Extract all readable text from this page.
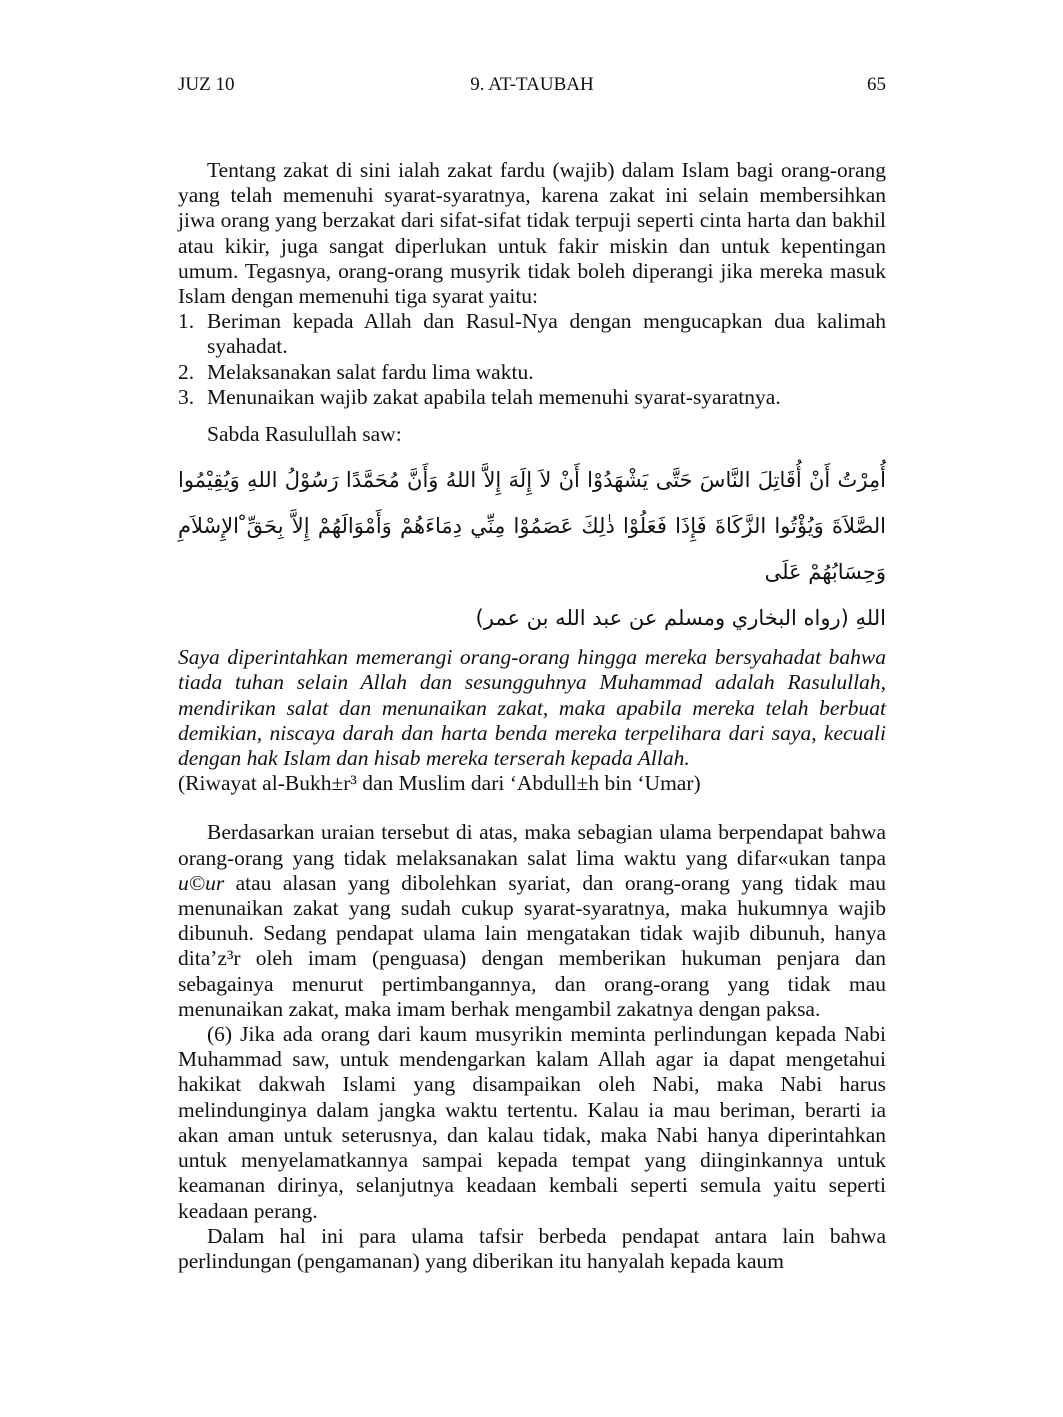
JUZ 10	9. AT-TAUBAH	65

Tentang zakat di sini ialah zakat fardu (wajib) dalam Islam bagi orang-orang yang telah memenuhi syarat-syaratnya, karena zakat ini selain membersihkan jiwa orang yang berzakat dari sifat-sifat tidak terpuji seperti cinta harta dan bakhil atau kikir, juga sangat diperlukan untuk fakir miskin dan untuk kepentingan umum. Tegasnya, orang-orang musyrik tidak boleh diperangi jika mereka masuk Islam dengan memenuhi tiga syarat yaitu:

1. Beriman kepada Allah dan Rasul-Nya dengan mengucapkan dua kalimah syahadat.
2. Melaksanakan salat fardu lima waktu.
3. Menunaikan wajib zakat apabila telah memenuhi syarat-syaratnya.

Sabda Rasulullah saw:

أُمِرْتُ أَنْ أُقَاتِلَ النَّاسَ حَتَّى يَشْهَدُوْا أَنْ لاَ إِلَهَ إِلاَّ اللهُ وَأَنَّ مُحَمَّدًا رَسُوْلُ اللهِ وَيُقِيْمُوا الصَّلاَةَ وَيُؤْتُوا الزَّكَاةَ فَإِذَا فَعَلُوْا ذٰلِكَ عَصَمُوْا مِنِّي دِمَاءَهُمْ وَأَمْوَالَهُمْ إِلاَّ بِحَقِّ ْالإِسْلاَمِ وَحِسَابُهُمْ عَلَى
اللهِ (رواه البخاري ومسلم عن عبد الله بن عمر)

Saya diperintahkan memerangi orang-orang hingga mereka bersyahadat bahwa tiada tuhan selain Allah dan sesungguhnya Muhammad adalah Rasulullah, mendirikan salat dan menunaikan zakat, maka apabila mereka telah berbuat demikian, niscaya darah dan harta benda mereka terpelihara dari saya, kecuali dengan hak Islam dan hisab mereka terserah kepada Allah.

(Riwayat al-Bukh±r³ dan Muslim dari ‘Abdull±h bin ‘Umar)

Berdasarkan uraian tersebut di atas, maka sebagian ulama berpendapat bahwa orang-orang yang tidak melaksanakan salat lima waktu yang difar«ukan tanpa u©ur atau alasan yang dibolehkan syariat, dan orang-orang yang tidak mau menunaikan zakat yang sudah cukup syarat-syaratnya, maka hukumnya wajib dibunuh. Sedang pendapat ulama lain mengatakan tidak wajib dibunuh, hanya dita’z³r oleh imam (penguasa) dengan memberikan hukuman penjara dan sebagainya menurut pertimbangannya, dan orang-orang yang tidak mau menunaikan zakat, maka imam berhak mengambil zakatnya dengan paksa.

(6) Jika ada orang dari kaum musyrikin meminta perlindungan kepada Nabi Muhammad saw, untuk mendengarkan kalam Allah agar ia dapat mengetahui hakikat dakwah Islami yang disampaikan oleh Nabi, maka Nabi harus melindunginya dalam jangka waktu tertentu. Kalau ia mau beriman, berarti ia akan aman untuk seterusnya, dan kalau tidak, maka Nabi hanya diperintahkan untuk menyelamatkannya sampai kepada tempat yang diinginkannya untuk keamanan dirinya, selanjutnya keadaan kembali seperti semula yaitu seperti keadaan perang.

Dalam hal ini para ulama tafsir berbeda pendapat antara lain bahwa perlindungan (pengamanan) yang diberikan itu hanyalah kepada kaum
